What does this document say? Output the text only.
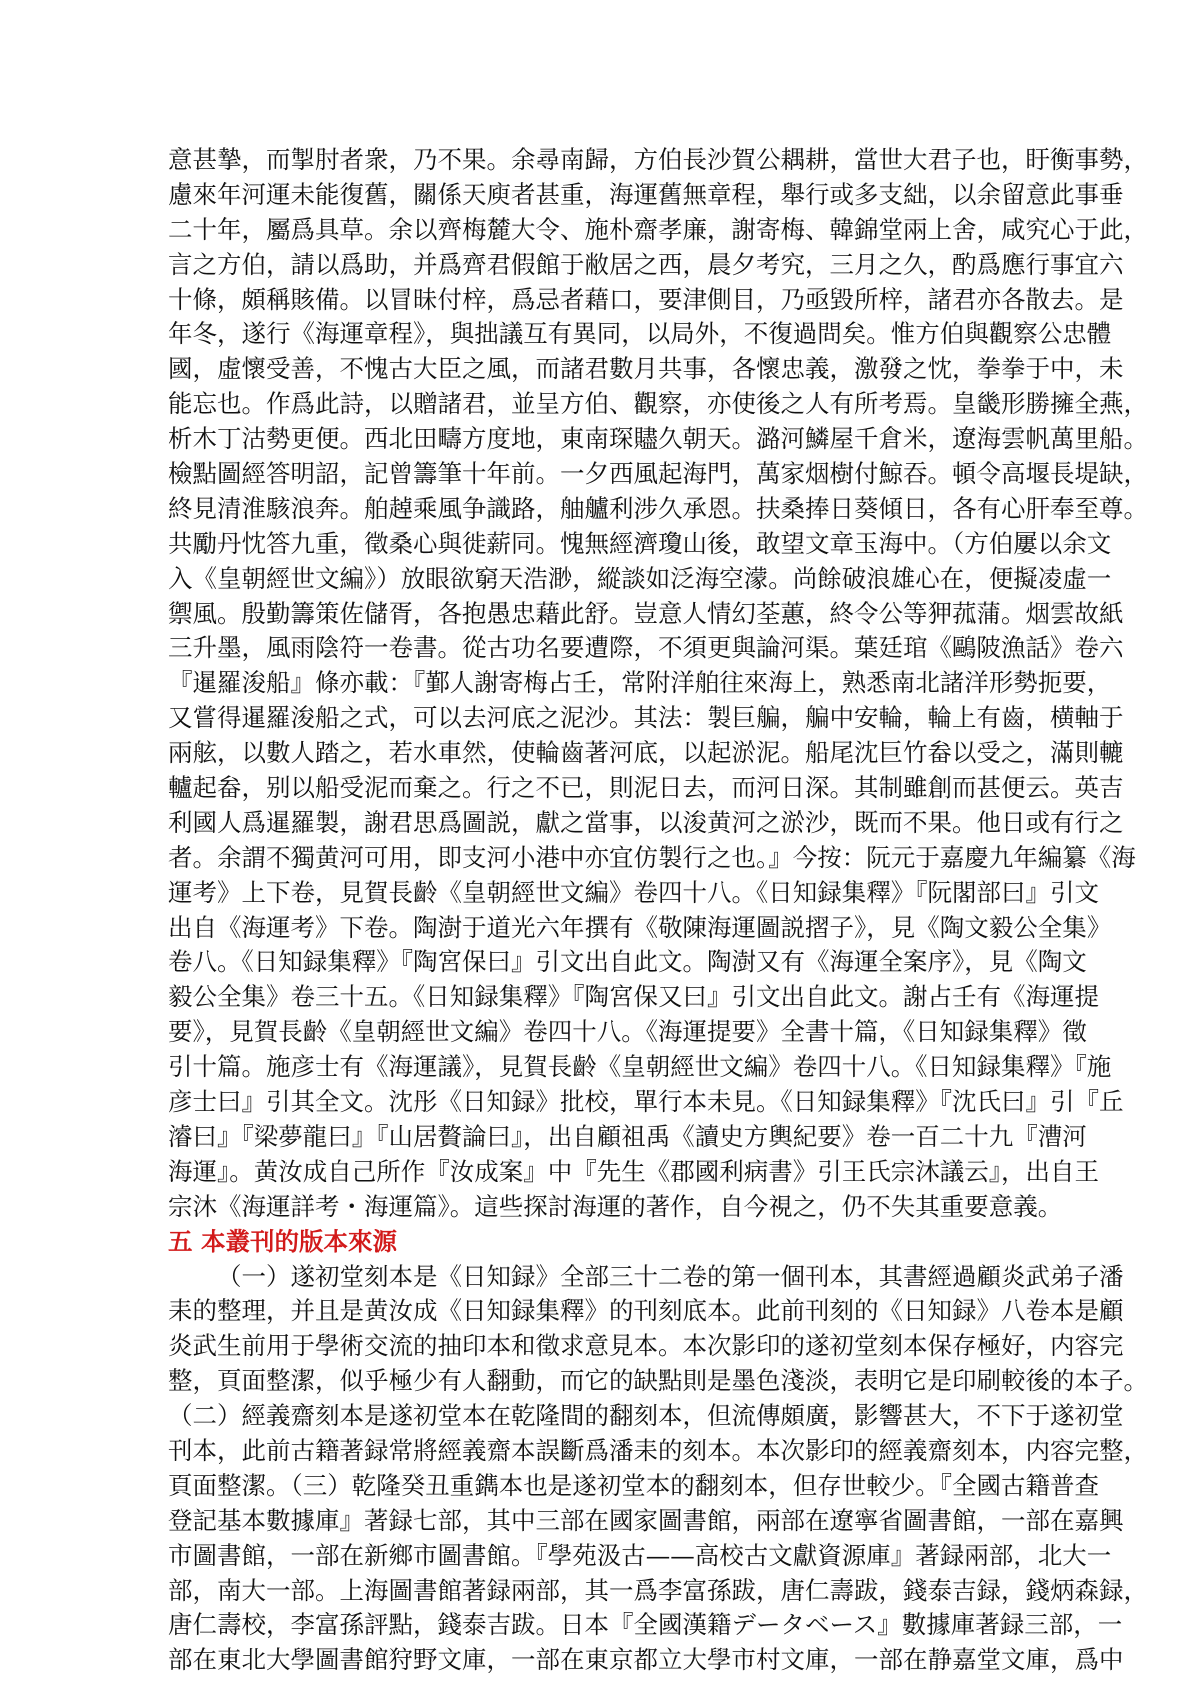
意甚摯，而掣肘者衆，乃不果。余尋南歸，方伯長沙賀公耦耕，當世大君子也，盱衡事勢，
慮來年河運未能復舊，關係天庾者甚重，海運舊無章程，舉行或多支絀，以余留意此事垂
二十年，屬爲具草。余以齊梅麓大令、施朴齋孝廉，謝寄梅、韓錦堂兩上舍，咸究心于此，
言之方伯，請以爲助，并爲齊君假館于敝居之西，晨夕考究，三月之久，酌爲應行事宜六
十條，頗稱賅備。以冒昧付梓，爲忌者藉口，要津側目，乃亟毀所梓，諸君亦各散去。是
年冬，遂行《海運章程》，與拙議互有異同，以局外，不復過問矣。惟方伯與觀察公忠體
國，虛懷受善，不愧古大臣之風，而諸君數月共事，各懷忠義，激發之忱，拳拳于中，未
能忘也。作爲此詩，以贈諸君，並呈方伯、觀察，亦使後之人有所考焉。皇畿形勝擁全燕，
析木丁沽勢更便。西北田疇方度地，東南琛贐久朝天。潞河鱗屋千倉米，遼海雲帆萬里船。
檢點圖經答明詔，記曾籌筆十年前。一夕西風起海門，萬家烟樹付鯨吞。頓令高堰長堤缺，
終見清淮駭浪奔。舶趠乘風争識路，舳艫利涉久承恩。扶桑捧日葵傾日，各有心肝奉至尊。
共勵丹忱答九重，徵桑心與徙薪同。愧無經濟瓊山後，敢望文章玉海中。（方伯屢以余文
入《皇朝經世文編》）放眼欲窮天浩渺，縱談如泛海空濛。尚餘破浪雄心在，便擬凌虛一
禦風。殷勤籌策佐儲胥，各抱愚忠藉此舒。豈意人情幻荃蕙，終令公等狎菰蒲。烟雲故紙
三升墨，風雨陰符一卷書。從古功名要遭際，不須更與論河渠。葉廷琯《鷗陂漁話》卷六
『暹羅浚船』條亦載：『鄞人謝寄梅占壬，常附洋舶往來海上，熟悉南北諸洋形勢扼要，
又嘗得暹羅浚船之式，可以去河底之泥沙。其法：製巨艑，艑中安輪，輪上有齒，横軸于
兩舷，以數人踏之，若水車然，使輪齒著河底，以起淤泥。船尾沈巨竹畚以受之，滿則轆
轤起畚，别以船受泥而棄之。行之不已，則泥日去，而河日深。其制雖創而甚便云。英吉
利國人爲暹羅製，謝君思爲圖説，獻之當事，以浚黄河之淤沙，既而不果。他日或有行之
者。余謂不獨黄河可用，即支河小港中亦宜仿製行之也。』今按：阮元于嘉慶九年編纂《海
運考》上下卷，見賀長齡《皇朝經世文編》卷四十八。《日知録集釋》『阮閣部曰』引文
出自《海運考》下卷。陶澍于道光六年撰有《敬陳海運圖説摺子》，見《陶文毅公全集》
卷八。《日知録集釋》『陶宮保曰』引文出自此文。陶澍又有《海運全案序》，見《陶文
毅公全集》卷三十五。《日知録集釋》『陶宮保又曰』引文出自此文。謝占壬有《海運提
要》，見賀長齡《皇朝經世文編》卷四十八。《海運提要》全書十篇，《日知録集釋》徵
引十篇。施彦士有《海運議》，見賀長齡《皇朝經世文編》卷四十八。《日知録集釋》『施
彦士曰』引其全文。沈彤《日知録》批校，單行本未見。《日知録集釋》『沈氏曰』引『丘
濬曰』『梁夢龍曰』『山居贅論曰』，出自顧祖禹《讀史方輿紀要》卷一百二十九『漕河
海運』。黄汝成自己所作『汝成案』中『先生《郡國利病書》引王氏宗沐議云』，出自王
宗沐《海運詳考・海運篇》。這些探討海運的著作，自今視之，仍不失其重要意義。
五 本叢刊的版本來源
（一）遂初堂刻本是《日知録》全部三十二卷的第一個刊本，其書經過顧炎武弟子潘
耒的整理，并且是黄汝成《日知録集釋》的刊刻底本。此前刊刻的《日知録》八卷本是顧
炎武生前用于學術交流的抽印本和徵求意見本。本次影印的遂初堂刻本保存極好，内容完
整，頁面整潔，似乎極少有人翻動，而它的缺點則是墨色淺淡，表明它是印刷較後的本子。
（二）經義齋刻本是遂初堂本在乾隆間的翻刻本，但流傳頗廣，影響甚大，不下于遂初堂
刊本，此前古籍著録常將經義齋本誤斷爲潘耒的刻本。本次影印的經義齋刻本，内容完整，
頁面整潔。（三）乾隆癸丑重鐫本也是遂初堂本的翻刻本，但存世較少。『全國古籍普查
登記基本數據庫』著録七部，其中三部在國家圖書館，兩部在遼寧省圖書館，一部在嘉興
市圖書館，一部在新鄉市圖書館。『學苑汲古——高校古文獻資源庫』著録兩部，北大一
部，南大一部。上海圖書館著録兩部，其一爲李富孫跋，唐仁壽跋，錢泰吉録，錢炳森録，
唐仁壽校，李富孫評點，錢泰吉跋。日本『全國漢籍データベース』數據庫著録三部，一
部在東北大學圖書館狩野文庫，一部在東京都立大學市村文庫，一部在静嘉堂文庫，爲中
